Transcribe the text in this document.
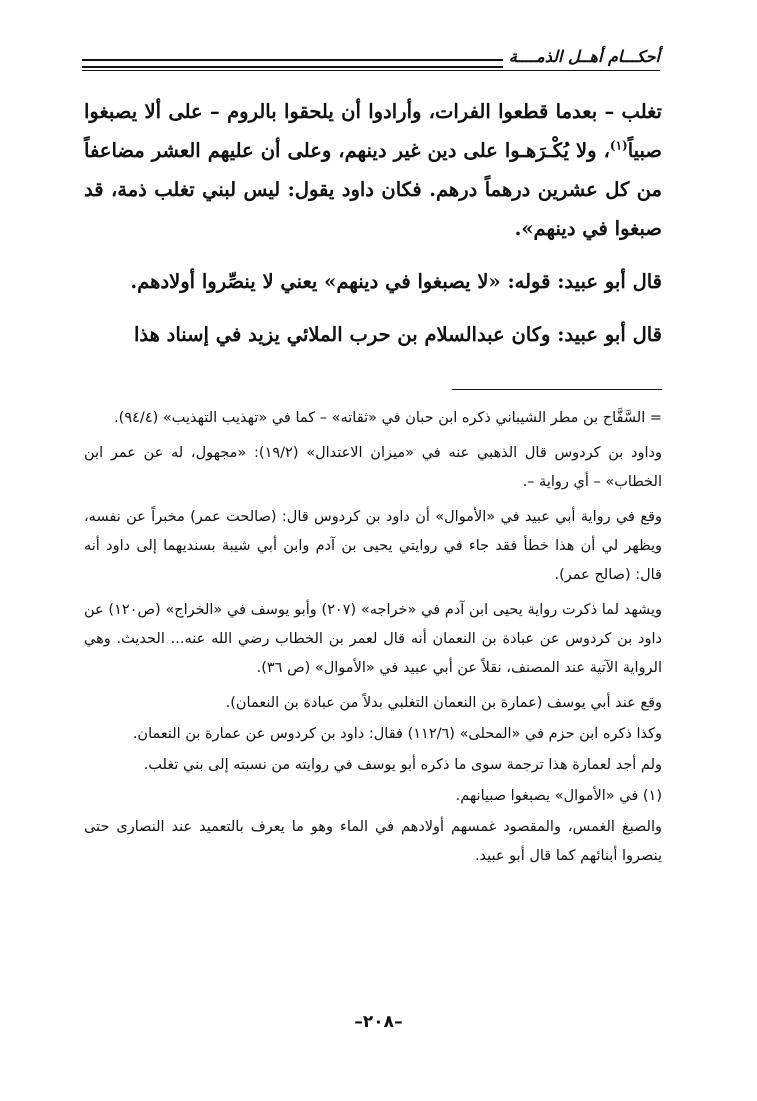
أحكـــام أهــل الذمــــة

تغلب – بعدما قطعوا الفرات، وأرادوا أن يلحقوا بالروم – على ألا يصبغوا صبياً$^{(١)}$، ولا يُكْـرَهـوا على دين غير دينهم، وعلى أن عليهم العشر مضاعفاً من كل عشرين درهماً درهم. فكان داود يقول: ليس لبني تغلب ذمة، قد صبغوا في دينهم».

قال أبو عبيد: قوله: «لا يصبغوا في دينهم» يعني لا ينصِّروا أولادهم.

قال أبو عبيد: وكان عبدالسلام بن حرب الملائي يزيد في إسناد هذا

= السَّفَّاح بن مطر الشيباني ذكره ابن حبان في «ثقاته» – كما في «تهذيب التهذيب» (٩٤/٤).

وداود بن كردوس قال الذهبي عنه في «ميزان الاعتدال» (١٩/٢): «مجهول، له عن عمر ابن الخطاب» – أي رواية –.

وقع في رواية أبي عبيد في «الأموال» أن داود بن كردوس قال: (صالحت عمر) مخبراً عن نفسه، ويظهر لي أن هذا خطأ فقد جاء في روايتي يحيى بن آدم وابن أبي شيبة بسنديهما إلى داود أنه قال: (صالح عمر).

ويشهد لما ذكرت رواية يحيى ابن آدم في «خراجه» (٢٠٧) وأبو يوسف في «الخراج» (ص١٢٠) عن داود بن كردوس عن عبادة بن النعمان أنه قال لعمر بن الخطاب رضي الله عنه... الحديث. وهي الرواية الآتية عند المصنف، نقلاً عن أبي عبيد في «الأموال» (ص ٣٦).

وقع عند أبي يوسف (عمارة بن النعمان التغلبي بدلاً من عبادة بن النعمان).

وكذا ذكره ابن حزم في «المحلى» (١١٢/٦) فقال: داود بن كردوس عن عمارة بن النعمان.

ولم أجد لعمارة هذا ترجمة سوى ما ذكره أبو يوسف في روايته من نسبته إلى بني تغلب.

(١) في «الأموال» يصبغوا صبيانهم.

والصبغ الغمس، والمقصود غمسهم أولادهم في الماء وهو ما يعرف بالتعميد عند النصارى حتى ينصروا أبنائهم كما قال أبو عبيد.

–٢٠٨–
